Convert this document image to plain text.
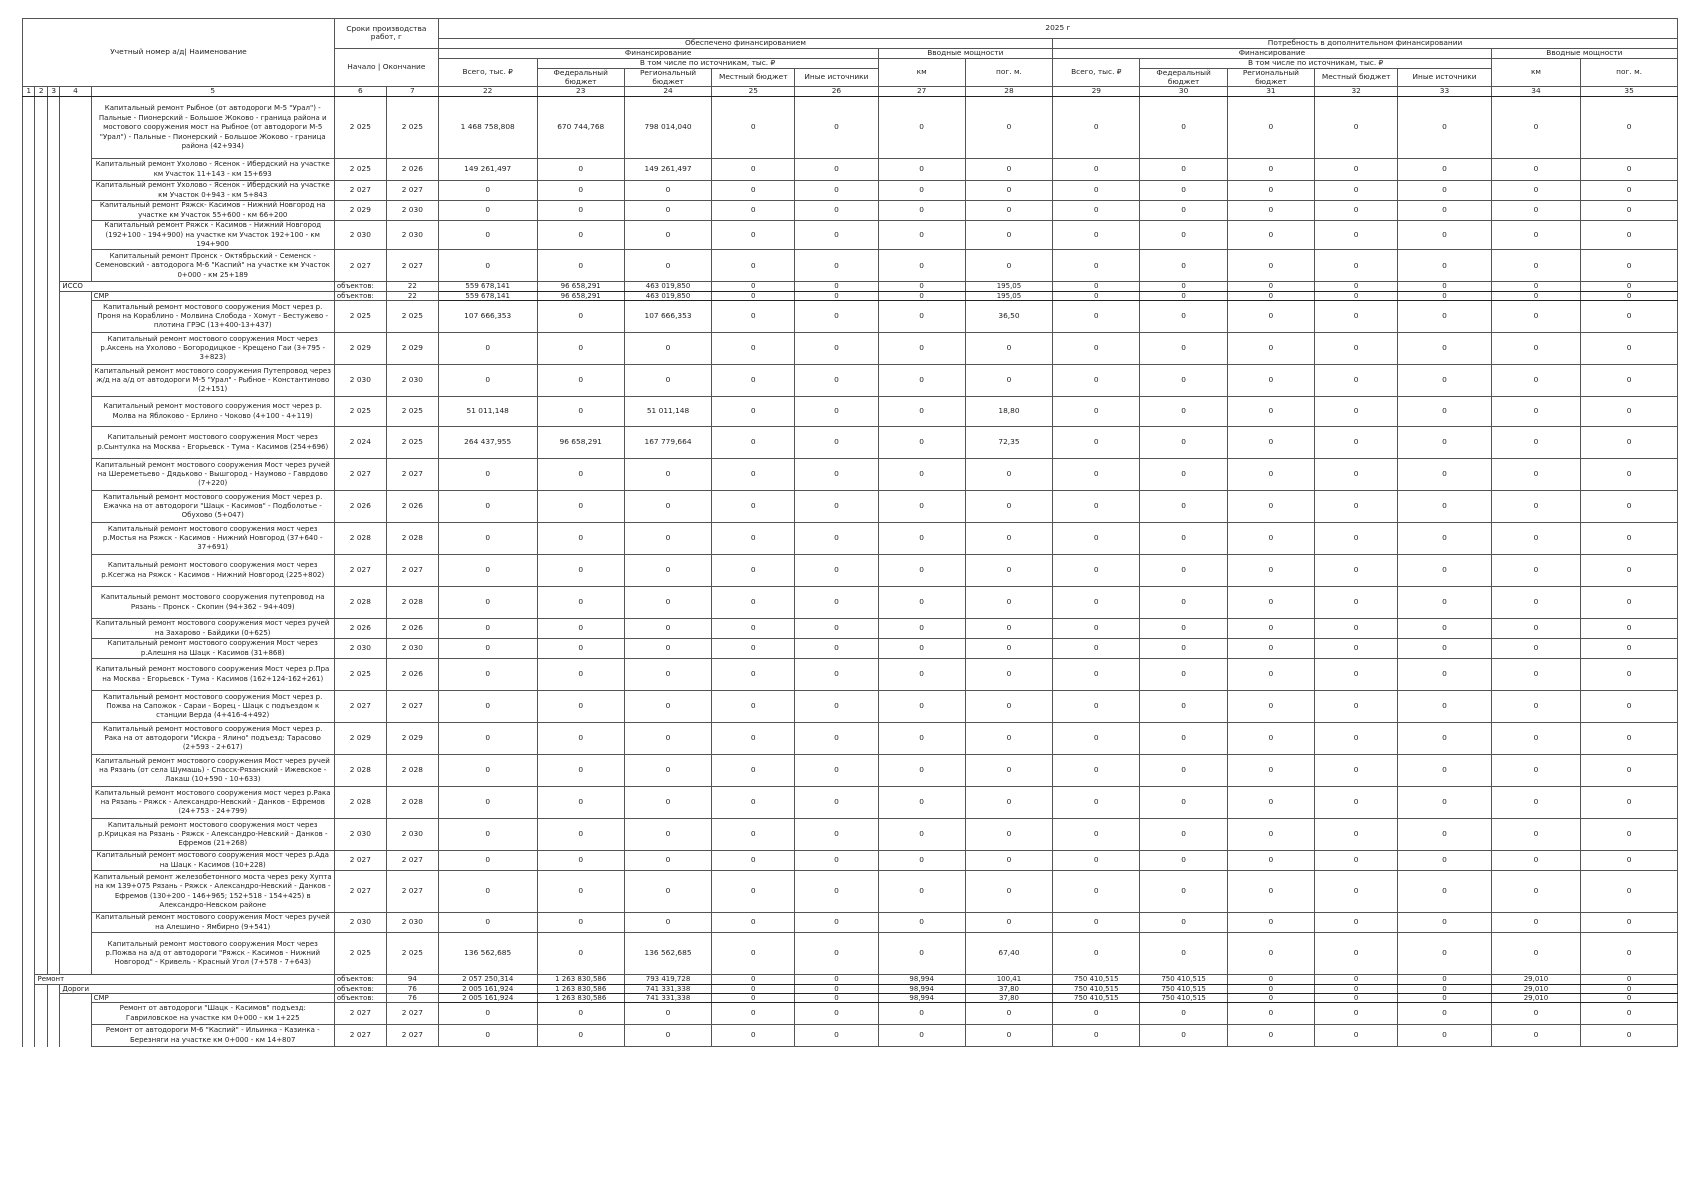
Учетный номер а/д| Наименование					Сроки производства работ, г		2025 г													
							Обеспечено финансированием							Потребность в дополнительном финансировании						
					Начало | Окончание		Финансирование					Вводные мощности		Финансирование					Вводные мощности	
							Всего, тыс. ₽	В том числе по источникам, тыс. ₽				км	пог. м.	Всего, тыс. ₽	В том числе по источникам, тыс. ₽				км	пог. м.
								Федеральный бюджет	Региональный бюджет	Местный бюджет	Иные источники				Федеральный бюджет	Региональный бюджет	Местный бюджет	Иные источники		
1	2	3	4	5	6	7	22	23	24	25	26	27	28	29	30	31	32	33	34	35
				Капитальный ремонт Рыбное (от автодороги М-5 "Урал") - Пальные - Пионерский - Большое Жоково - граница района и мостового сооружения мост на Рыбное (от автодороги М-5 "Урал") - Пальные - Пионерский - Большое Жоково - граница района (42+934)	2 025	2 025	1 468 758,808	670 744,768	798 014,040	0	0	0	0	0	0	0	0	0	0	0
				Капитальный ремонт Ухолово - Ясенок - Ибердский на участке км Участок 11+143 - км 15+693	2 025	2 026	149 261,497	0	149 261,497	0	0	0	0	0	0	0	0	0	0	0
				Капитальный ремонт Ухолово - Ясенок - Ибердский на участке км Участок 0+943 - км 5+843	2 027	2 027	0	0	0	0	0	0	0	0	0	0	0	0	0	0
				Капитальный ремонт Ряжск- Касимов - Нижний Новгород на участке км Участок 55+600 - км 66+200	2 029	2 030	0	0	0	0	0	0	0	0	0	0	0	0	0	0
				Капитальный ремонт Ряжск - Касимов - Нижний Новгород (192+100 - 194+900) на участке км Участок 192+100 - км 194+900	2 030	2 030	0	0	0	0	0	0	0	0	0	0	0	0	0	0
				Капитальный ремонт Пронск - Октябрьский - Семенск - Семеновский - автодорога М-6 "Каспий" на участке км Участок 0+000 - км 25+189	2 027	2 027	0	0	0	0	0	0	0	0	0	0	0	0	0	0
			ИССО		объектов:	22	559 678,141	96 658,291	463 019,850	0	0	0	195,05	0	0	0	0	0	0	0
				СМР	объектов:	22	559 678,141	96 658,291	463 019,850	0	0	0	195,05	0	0	0	0	0	0	0
				Капитальный ремонт мостового сооружения Мост через р. Проня на Кораблино - Молвина Слобода - Хомут - Бестужево - плотина ГРЭС (13+400-13+437)	2 025	2 025	107 666,353	0	107 666,353	0	0	0	36,50	0	0	0	0	0	0	0
				Капитальный ремонт мостового сооружения Мост через р.Аксень на Ухолово - Богородицкое - Крещено Гаи (3+795 - 3+823)	2 029	2 029	0	0	0	0	0	0	0	0	0	0	0	0	0	0
				Капитальный ремонт мостового сооружения Путепровод через ж/д на а/д от автодороги М-5 "Урал" - Рыбное - Константиново (2+151)	2 030	2 030	0	0	0	0	0	0	0	0	0	0	0	0	0	0
				Капитальный ремонт мостового сооружения мост через р. Молва на Яблоково - Ерлино - Чоково (4+100 - 4+119)	2 025	2 025	51 011,148	0	51 011,148	0	0	0	18,80	0	0	0	0	0	0	0
				Капитальный ремонт мостового сооружения Мост через р.Сынтулка на Москва - Егорьевск - Тума - Касимов (254+696)	2 024	2 025	264 437,955	96 658,291	167 779,664	0	0	0	72,35	0	0	0	0	0	0	0
				Капитальный ремонт мостового сооружения Мост через ручей на Шереметьево - Дядьково - Вышгород - Наумово - Гаврдово (7+220)	2 027	2 027	0	0	0	0	0	0	0	0	0	0	0	0	0	0
				Капитальный ремонт мостового сооружения Мост через р. Ежачка на от автодороги "Шацк - Касимов" - Подболотье - Обухово (5+047)	2 026	2 026	0	0	0	0	0	0	0	0	0	0	0	0	0	0
				Капитальный ремонт мостового сооружения мост через р.Мостья на Ряжск - Касимов - Нижний Новгород (37+640 - 37+691)	2 028	2 028	0	0	0	0	0	0	0	0	0	0	0	0	0	0
				Капитальный ремонт мостового сооружения мост через р.Ксегжа на Ряжск - Касимов - Нижний Новгород (225+802)	2 027	2 027	0	0	0	0	0	0	0	0	0	0	0	0	0	0
				Капитальный ремонт мостового сооружения путепровод на Рязань - Пронск - Скопин (94+362 - 94+409)	2 028	2 028	0	0	0	0	0	0	0	0	0	0	0	0	0	0
				Капитальный ремонт мостового сооружения мост через ручей на Захарово - Байдики (0+625)	2 026	2 026	0	0	0	0	0	0	0	0	0	0	0	0	0	0
				Капитальный ремонт мостового сооружения Мост через р.Алешня на Шацк - Касимов (31+868)	2 030	2 030	0	0	0	0	0	0	0	0	0	0	0	0	0	0
				Капитальный ремонт мостового сооружения Мост через р.Пра на Москва - Егорьевск - Тума - Касимов (162+124-162+261)	2 025	2 026	0	0	0	0	0	0	0	0	0	0	0	0	0	0
				Капитальный ремонт мостового сооружения Мост через р. Пожва на Сапожок - Сараи - Борец - Шацк с подъездом к станции Верда (4+416-4+492)	2 027	2 027	0	0	0	0	0	0	0	0	0	0	0	0	0	0
				Капитальный ремонт мостового сооружения Мост через р. Рака на от автодороги "Искра - Ялино" подъезд: Тарасово (2+593 - 2+617)	2 029	2 029	0	0	0	0	0	0	0	0	0	0	0	0	0	0
				Капитальный ремонт мостового сооружения Мост через ручей на Рязань (от села Шумашь) - Спасск-Рязанский - Ижевское - Лакаш (10+590 - 10+633)	2 028	2 028	0	0	0	0	0	0	0	0	0	0	0	0	0	0
				Капитальный ремонт мостового сооружения мост через р.Рака на Рязань - Ряжск - Александро-Невский - Данков - Ефремов (24+753 - 24+799)	2 028	2 028	0	0	0	0	0	0	0	0	0	0	0	0	0	0
				Капитальный ремонт мостового сооружения мост через р.Крицкая на Рязань - Ряжск - Александро-Невский - Данков - Ефремов (21+268)	2 030	2 030	0	0	0	0	0	0	0	0	0	0	0	0	0	0
				Капитальный ремонт мостового сооружения мост через р.Ада на Шацк - Касимов (10+228)	2 027	2 027	0	0	0	0	0	0	0	0	0	0	0	0	0	0
				Капитальный ремонт железобетонного моста через реку Хупта на км 139+075 Рязань - Ряжск - Александро-Невский - Данков - Ефремов (130+200 - 146+965; 152+518 - 154+425) в Александро-Невском районе	2 027	2 027	0	0	0	0	0	0	0	0	0	0	0	0	0	0
				Капитальный ремонт мостового сооружения Мост через ручей на Алешино - Ямбирно (9+541)	2 030	2 030	0	0	0	0	0	0	0	0	0	0	0	0	0	0
				Капитальный ремонт мостового сооружения Мост через р.Пожва на а/д от автодороги "Ряжск - Касимов - Нижний Новгород" - Кривель - Красный Угол (7+578 - 7+643)	2 025	2 025	136 562,685	0	136 562,685	0	0	0	67,40	0	0	0	0	0	0	0
	Ремонт				объектов:	94	2 057 250,314	1 263 830,586	793 419,728	0	0	98,994	100,41	750 410,515	750 410,515	0	0	0	29,010	0
			Дороги		объектов:	76	2 005 161,924	1 263 830,586	741 331,338	0	0	98,994	37,80	750 410,515	750 410,515	0	0	0	29,010	0
				СМР	объектов:	76	2 005 161,924	1 263 830,586	741 331,338	0	0	98,994	37,80	750 410,515	750 410,515	0	0	0	29,010	0
				Ремонт от автодороги "Шацк - Касимов" подъезд: Гавриловское на участке км 0+000 - км 1+225	2 027	2 027	0	0	0	0	0	0	0	0	0	0	0	0	0	0
				Ремонт от автодороги М-6 "Каспий" - Ильинка - Казинка - Березняги на участке км 0+000 - км 14+807	2 027	2 027	0	0	0	0	0	0	0	0	0	0	0	0	0	0
